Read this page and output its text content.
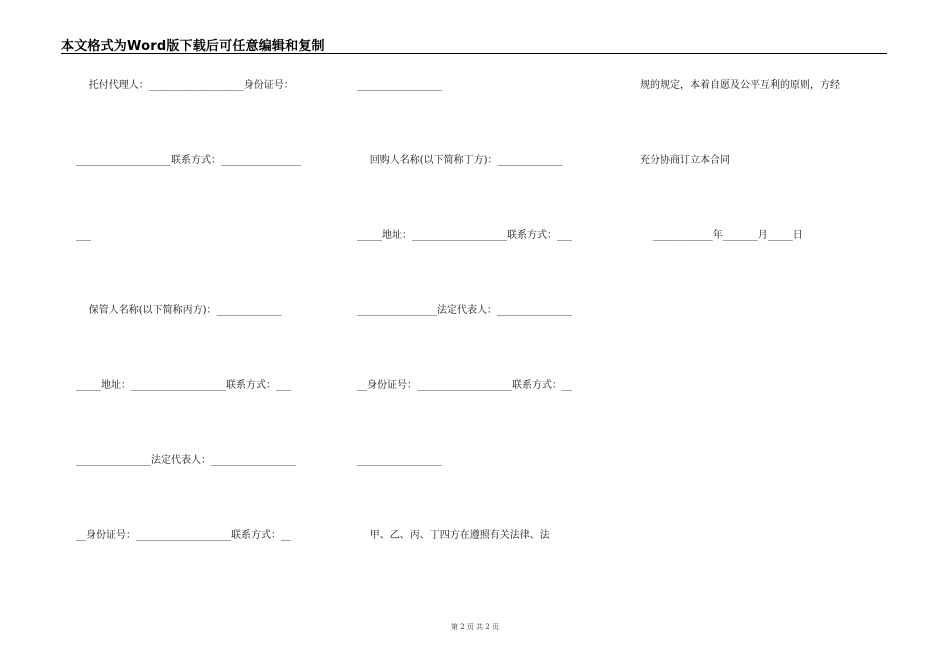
本文格式为Word版下载后可任意编辑和复制
托付代理人：___________________身份证号：
___________________联系方式：________________
___
保管人名称(以下简称丙方)：_____________
_____地址：___________________联系方式：___
_______________法定代表人：_________________
__身份证号：___________________联系方式：__
_________________
回购人名称(以下简称丁方)：_____________
_____地址：___________________联系方式：___
________________法定代表人：_______________
__身份证号：___________________联系方式：__
_________________
甲、乙、丙、丁四方在遵照有关法律、法
规的规定，本着自愿及公平互利的原则，方经
充分协商订立本合同
____________年_______月_____日
第 2 页 共 2 页
